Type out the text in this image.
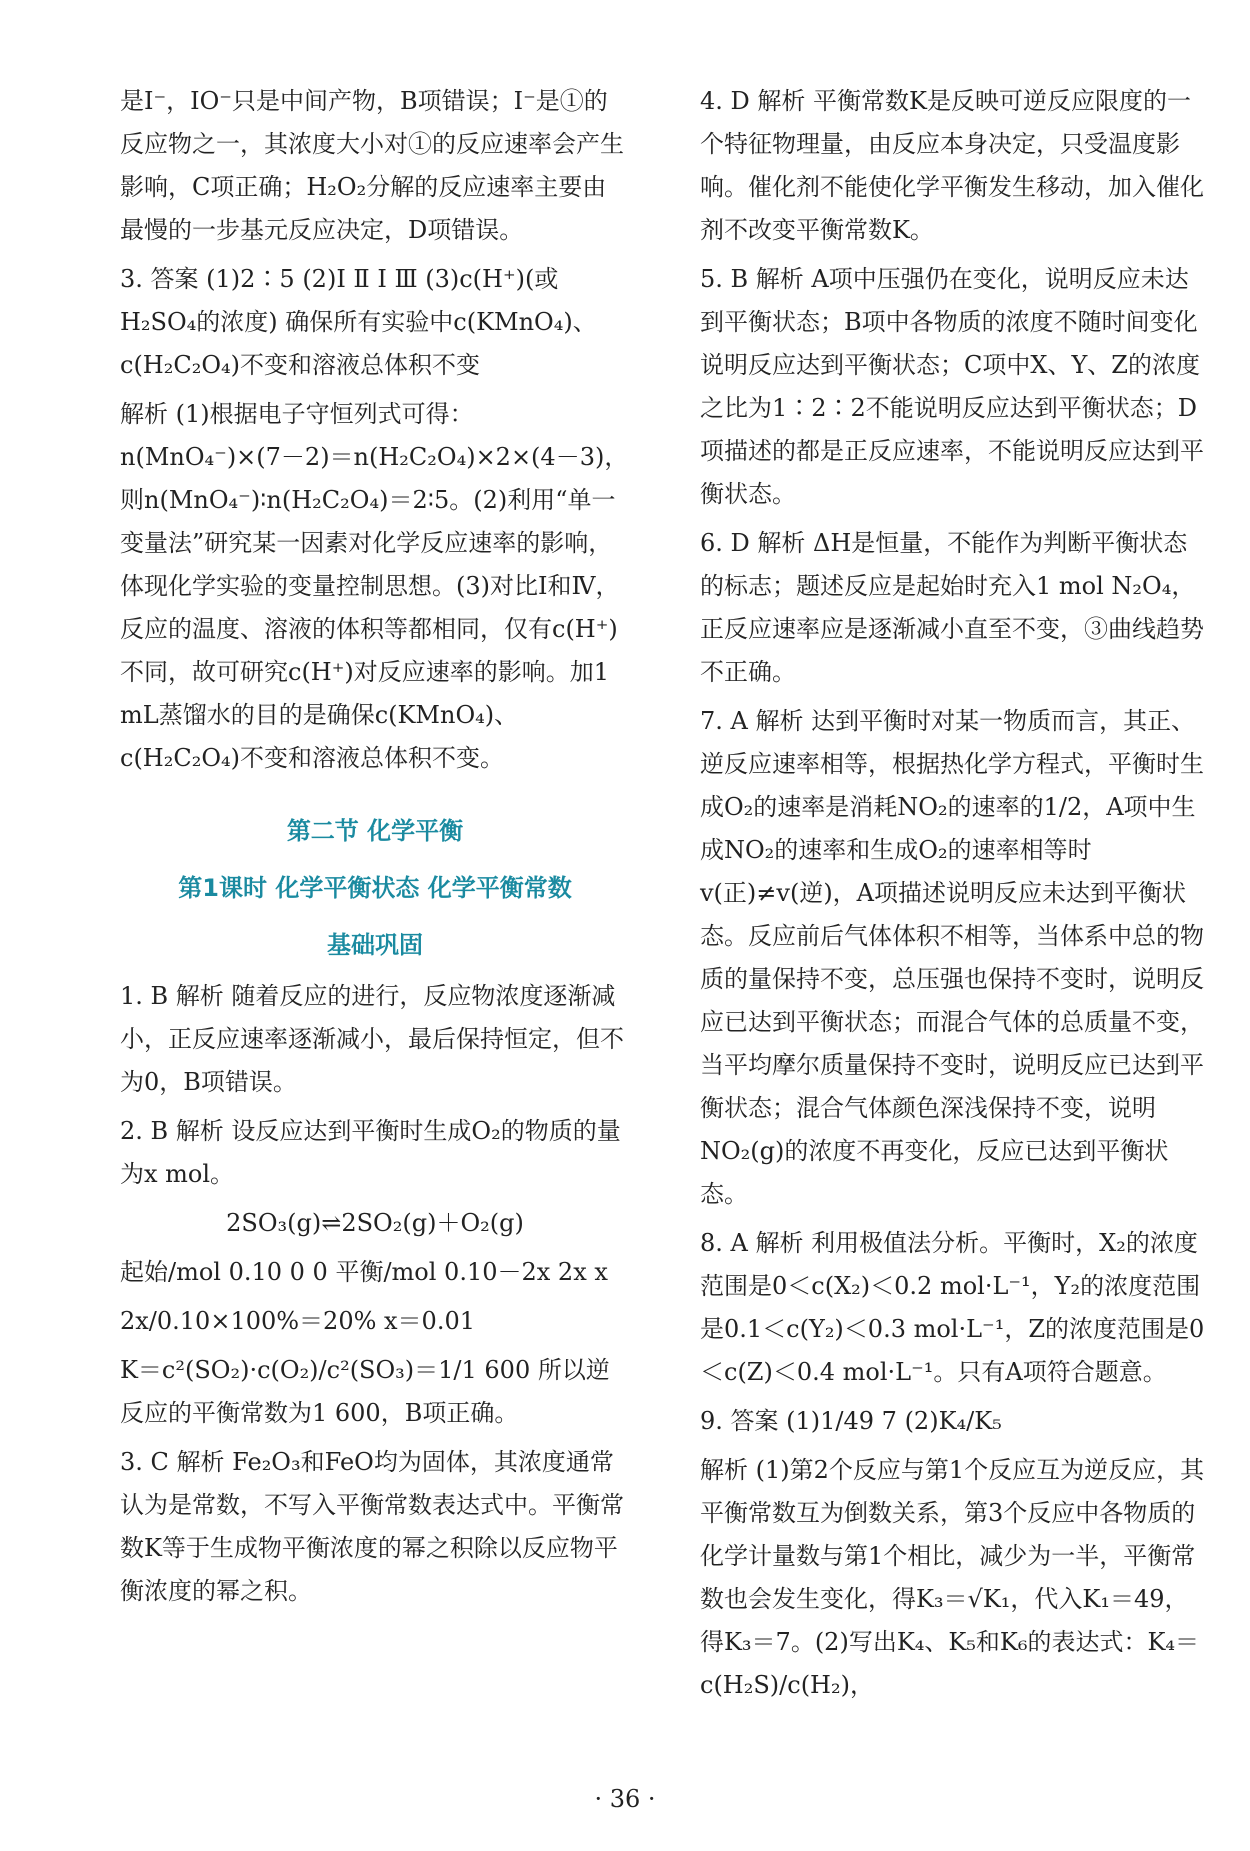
是I⁻，IO⁻只是中间产物，B项错误；I⁻是①的反应物之一，其浓度大小对①的反应速率会产生影响，C项正确；H₂O₂分解的反应速率主要由最慢的一步基元反应决定，D项错误。

3. 答案 (1)2∶5 (2)Ⅰ Ⅱ Ⅰ Ⅲ (3)c(H⁺)(或H₂SO₄的浓度) 确保所有实验中c(KMnO₄)、c(H₂C₂O₄)不变和溶液总体积不变

解析 (1)根据电子守恒列式可得：n(MnO₄⁻)×(7－2)＝n(H₂C₂O₄)×2×(4－3)，则n(MnO₄⁻)∶n(H₂C₂O₄)＝2∶5。(2)利用“单一变量法”研究某一因素对化学反应速率的影响，体现化学实验的变量控制思想。(3)对比Ⅰ和Ⅳ，反应的温度、溶液的体积等都相同，仅有c(H⁺)不同，故可研究c(H⁺)对反应速率的影响。加1 mL蒸馏水的目的是确保c(KMnO₄)、c(H₂C₂O₄)不变和溶液总体积不变。

第二节 化学平衡
第1课时 化学平衡状态 化学平衡常数
基础巩固

1. B 解析 随着反应的进行，反应物浓度逐渐减小，正反应速率逐渐减小，最后保持恒定，但不为0，B项错误。

2. B 解析 设反应达到平衡时生成O₂的物质的量为x mol。

2SO₃(g)⇌2SO₂(g)＋O₂(g)

起始/mol 0.10 0 0 平衡/mol 0.10－2x 2x x

2x/0.10×100%＝20% x＝0.01

K＝c²(SO₂)·c(O₂)/c²(SO₃)＝1/1 600 所以逆反应的平衡常数为1 600，B项正确。

3. C 解析 Fe₂O₃和FeO均为固体，其浓度通常认为是常数，不写入平衡常数表达式中。平衡常数K等于生成物平衡浓度的幂之积除以反应物平衡浓度的幂之积。

4. D 解析 平衡常数K是反映可逆反应限度的一个特征物理量，由反应本身决定，只受温度影响。催化剂不能使化学平衡发生移动，加入催化剂不改变平衡常数K。

5. B 解析 A项中压强仍在变化，说明反应未达到平衡状态；B项中各物质的浓度不随时间变化说明反应达到平衡状态；C项中X、Y、Z的浓度之比为1∶2∶2不能说明反应达到平衡状态；D项描述的都是正反应速率，不能说明反应达到平衡状态。

6. D 解析 ΔH是恒量，不能作为判断平衡状态的标志；题述反应是起始时充入1 mol N₂O₄，正反应速率应是逐渐减小直至不变，③曲线趋势不正确。

7. A 解析 达到平衡时对某一物质而言，其正、逆反应速率相等，根据热化学方程式，平衡时生成O₂的速率是消耗NO₂的速率的1/2，A项中生成NO₂的速率和生成O₂的速率相等时v(正)≠v(逆)，A项描述说明反应未达到平衡状态。反应前后气体体积不相等，当体系中总的物质的量保持不变，总压强也保持不变时，说明反应已达到平衡状态；而混合气体的总质量不变，当平均摩尔质量保持不变时，说明反应已达到平衡状态；混合气体颜色深浅保持不变，说明NO₂(g)的浓度不再变化，反应已达到平衡状态。

8. A 解析 利用极值法分析。平衡时，X₂的浓度范围是0＜c(X₂)＜0.2 mol·L⁻¹，Y₂的浓度范围是0.1＜c(Y₂)＜0.3 mol·L⁻¹，Z的浓度范围是0＜c(Z)＜0.4 mol·L⁻¹。只有A项符合题意。

9. 答案 (1)1/49 7 (2)K₄/K₅

解析 (1)第2个反应与第1个反应互为逆反应，其平衡常数互为倒数关系，第3个反应中各物质的化学计量数与第1个相比，减少为一半，平衡常数也会发生变化，得K₃＝√K₁，代入K₁＝49，得K₃＝7。(2)写出K₄、K₅和K₆的表达式：K₄＝c(H₂S)/c(H₂)，

· 36 ·
